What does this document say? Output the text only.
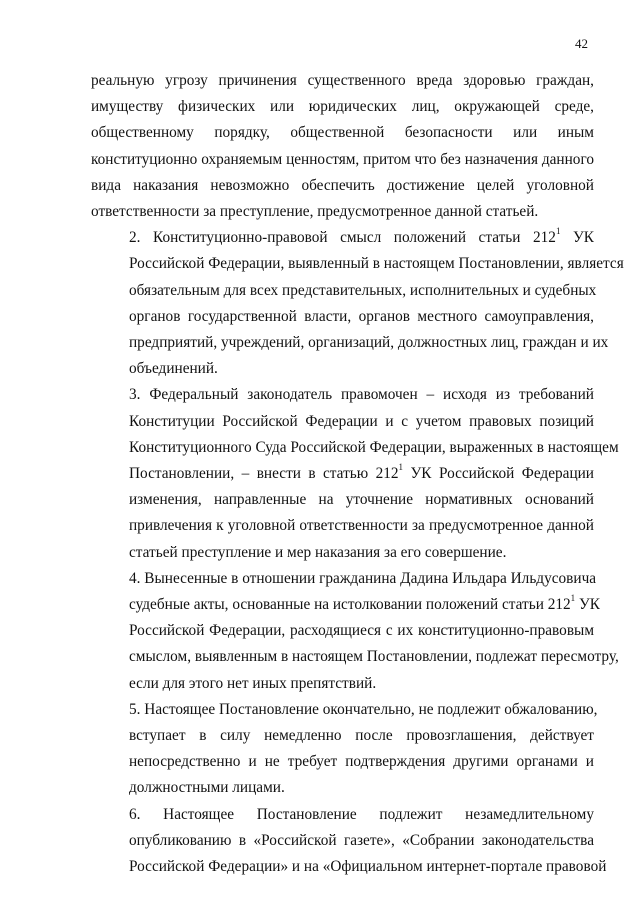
42
реальную угрозу причинения существенного вреда здоровью граждан,
имуществу физических или юридических лиц, окружающей среде,
общественному порядку, общественной безопасности или иным
конституционно охраняемым ценностям, притом что без назначения данного
вида наказания невозможно обеспечить достижение целей уголовной
ответственности за преступление, предусмотренное данной статьей.
2. Конституционно-правовой смысл положений статьи $212^1$ УК
Российской Федерации, выявленный в настоящем Постановлении, является
обязательным для всех представительных, исполнительных и судебных
органов государственной власти, органов местного самоуправления,
предприятий, учреждений, организаций, должностных лиц, граждан и их
объединений.
3. Федеральный законодатель правомочен – исходя из требований
Конституции Российской Федерации и с учетом правовых позиций
Конституционного Суда Российской Федерации, выраженных в настоящем
Постановлении, – внести в статью $212^1$ УК Российской Федерации
изменения, направленные на уточнение нормативных оснований
привлечения к уголовной ответственности за предусмотренное данной
статьей преступление и мер наказания за его совершение.
4. Вынесенные в отношении гражданина Дадина Ильдара Ильдусовича
судебные акты, основанные на истолковании положений статьи $212^1$ УК
Российской Федерации, расходящиеся с их конституционно-правовым
смыслом, выявленным в настоящем Постановлении, подлежат пересмотру,
если для этого нет иных препятствий.
5. Настоящее Постановление окончательно, не подлежит обжалованию,
вступает в силу немедленно после провозглашения, действует
непосредственно и не требует подтверждения другими органами и
должностными лицами.
6. Настоящее Постановление подлежит незамедлительному
опубликованию в «Российской газете», «Собрании законодательства
Российской Федерации» и на «Официальном интернет-портале правовой
